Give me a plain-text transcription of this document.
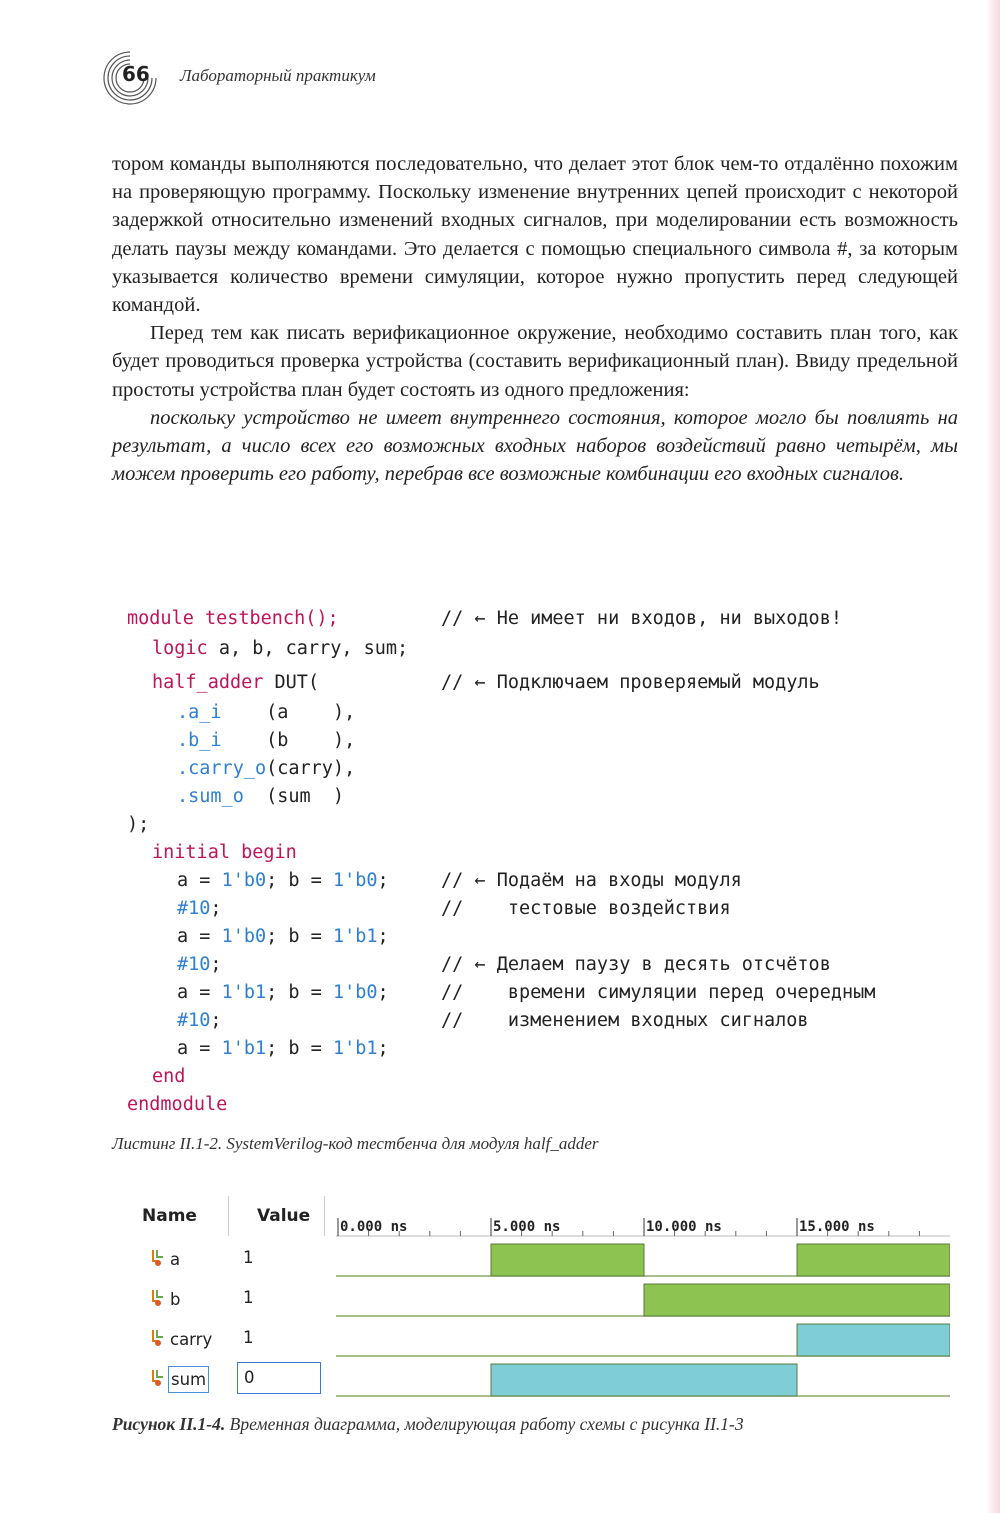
66 Лабораторный практикум

тором команды выполняются последовательно, что делает этот блок чем-то отдалённо похожим на проверяющую программу. Поскольку изменение внутренних цепей происходит с некоторой задержкой относительно изменений входных сигналов, при моделировании есть возможность делать паузы между командами. Это делается с помощью специального символа #, за которым указывается количество времени симуляции, которое нужно пропустить перед следующей командой.

Перед тем как писать верификационное окружение, необходимо составить план того, как будет проводиться проверка устройства (составить верификационный план). Ввиду предельной простоты устройства план будет состоять из одного предложения:

поскольку устройство не имеет внутреннего состояния, которое могло бы повлиять на результат, а число всех его возможных входных наборов воздействий равно четырём, мы можем проверить его работу, перебрав все возможные комбинации его входных сигналов.

module testbench();	// ← Не имеет ни входов, ни выходов!
logic a, b, carry, sum;
half_adder DUT(	// ← Подключаем проверяемый модуль
.a_i    (a    ),
.b_i    (b    ),
.carry_o(carry),
.sum_o  (sum  )
);
initial begin
a = 1'b0; b = 1'b0;	// ← Подаём на входы модуля
#10;	//    тестовые воздействия
a = 1'b0; b = 1'b1;
#10;	// ← Делаем паузу в десять отсчётов
a = 1'b1; b = 1'b0;	//    времени симуляции перед очередным
#10;	//    изменением входных сигналов
a = 1'b1; b = 1'b1;
end
endmodule
Листинг II.1-2. SystemVerilog-код тестбенча для модуля half_adder
Name	Value
a	1
b	1
carry 1
sum	0
0.000 ns	5.000 ns	10.000 ns	15.000 ns
Рисунок II.1-4. Временная диаграмма, моделирующая работу схемы с рисунка II.1-3
